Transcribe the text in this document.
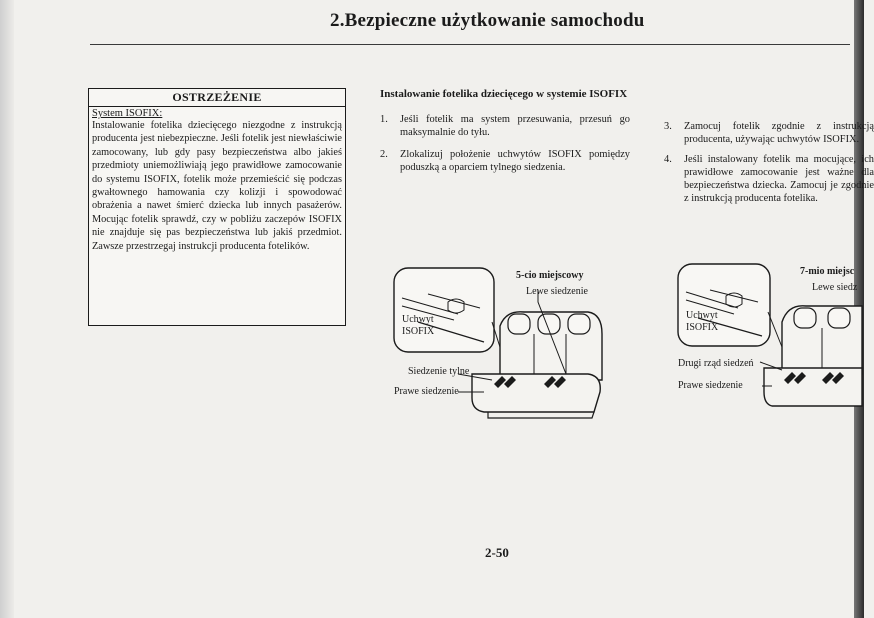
2.Bezpieczne użytkowanie samochodu
OSTRZEŻENIE
System ISOFIX:
Instalowanie fotelika dziecięcego niezgodne z instrukcją producenta jest niebezpieczne. Jeśli fotelik jest niewłaściwie zamocowany, lub gdy pasy bezpieczeństwa albo jakieś przedmioty uniemożliwiają jego prawidłowe zamocowanie do systemu ISOFIX, fotelik może przemieścić się podczas gwałtownego hamowania czy kolizji i spowodować obrażenia a nawet śmierć dziecka lub innych pasażerów. Mocując fotelik sprawdź, czy w pobliżu zaczepów ISOFIX nie znajduje się pas bezpieczeństwa lub jakiś przedmiot. Zawsze przestrzegaj instrukcji producenta fotelików.
Instalowanie fotelika dziecięcego w systemie ISOFIX
1.	Jeśli fotelik ma system przesuwania, przesuń go maksymalnie do tyłu.
2.	Zlokalizuj położenie uchwytów ISOFIX pomiędzy poduszką a oparciem tylnego siedzenia.
3.	Zamocuj fotelik zgodnie z instrukcją producenta, używając uchwytów ISOFIX.
4.	Jeśli instalowany fotelik ma mocujące, ich prawidłowe zamocowanie jest ważne dla bezpieczeństwa dziecka. Zamocuj je zgodnie z instrukcją producenta fotelika.
5-cio miejscowy
Lewe siedzenie
Uchwyt
ISOFIX
Siedzenie tylne
Prawe siedzenie
7-mio miejsc
Lewe siedz
Uchwyt
ISOFIX
Drugi rząd siedzeń
Prawe siedzenie
2-50
